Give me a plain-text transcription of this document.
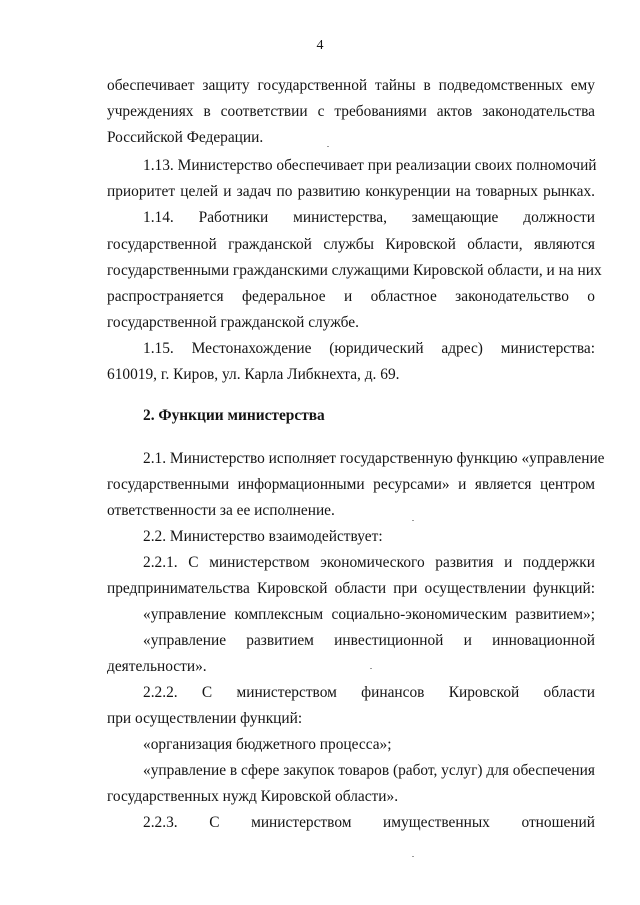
4
обеспечивает защиту государственной тайны в подведомственных ему
учреждениях в соответствии с требованиями актов законодательства
Российской Федерации.
1.13. Министерство обеспечивает при реализации своих полномочий
приоритет целей и задач по развитию конкуренции на товарных рынках.
1.14. Работники министерства, замещающие должности
государственной гражданской службы Кировской области, являются
государственными гражданскими служащими Кировской области, и на них
распространяется федеральное и областное законодательство о
государственной гражданской службе.
1.15. Местонахождение (юридический адрес) министерства:
610019, г. Киров, ул. Карла Либкнехта, д. 69.
2. Функции министерства
2.1. Министерство исполняет государственную функцию «управление
государственными информационными ресурсами» и является центром
ответственности за ее исполнение.
2.2. Министерство взаимодействует:
2.2.1. С министерством экономического развития и поддержки
предпринимательства Кировской области при осуществлении функций:
«управление комплексным социально-экономическим развитием»;
«управление развитием инвестиционной и инновационной
деятельности».
2.2.2. С министерством финансов Кировской области
при осуществлении функций:
«организация бюджетного процесса»;
«управление в сфере закупок товаров (работ, услуг) для обеспечения
государственных нужд Кировской области».
2.2.3. С министерством имущественных отношений
